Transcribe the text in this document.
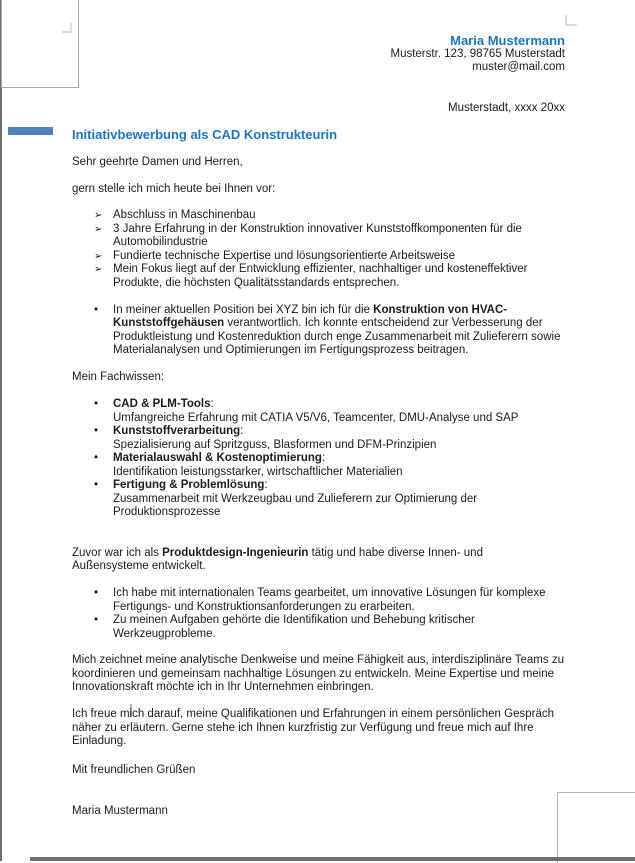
Maria Mustermann
Musterstr. 123, 98765 Musterstadt
muster@mail.com
Musterstadt, xxxx 20xx
Initiativbewerbung als CAD Konstrukteurin
Sehr geehrte Damen und Herren,
gern stelle ich mich heute bei Ihnen vor:
➢ Abschluss in Maschinenbau
➢ 3 Jahre Erfahrung in der Konstruktion innovativer Kunststoffkomponenten für die Automobilindustrie
➢ Fundierte technische Expertise und lösungsorientierte Arbeitsweise
➢ Mein Fokus liegt auf der Entwicklung effizienter, nachhaltiger und kosteneffektiver Produkte, die höchsten Qualitätsstandards entsprechen.
•	In meiner aktuellen Position bei XYZ bin ich für die Konstruktion von HVAC-Kunststoffgehäusen verantwortlich. Ich konnte entscheidend zur Verbesserung der Produktleistung und Kostenreduktion durch enge Zusammenarbeit mit Zulieferern sowie Materialanalysen und Optimierungen im Fertigungsprozess beitragen.
Mein Fachwissen:
•	CAD & PLM-Tools:
Umfangreiche Erfahrung mit CATIA V5/V6, Teamcenter, DMU-Analyse und SAP
•	Kunststoffverarbeitung:
Spezialisierung auf Spritzguss, Blasformen und DFM-Prinzipien
•	Materialauswahl & Kostenoptimierung:
Identifikation leistungsstarker, wirtschaftlicher Materialien
•	Fertigung & Problemlösung:
Zusammenarbeit mit Werkzeugbau und Zulieferern zur Optimierung der Produktionsprozesse
Zuvor war ich als Produktdesign-Ingenieurin tätig und habe diverse Innen- und Außensysteme entwickelt.
•	Ich habe mit internationalen Teams gearbeitet, um innovative Lösungen für komplexe Fertigungs- und Konstruktionsanforderungen zu erarbeiten.
•	Zu meinen Aufgaben gehörte die Identifikation und Behebung kritischer Werkzeugprobleme.
Mich zeichnet meine analytische Denkweise und meine Fähigkeit aus, interdisziplinäre Teams zu koordinieren und gemeinsam nachhaltige Lösungen zu entwickeln. Meine Expertise und meine Innovationskraft möchte ich in Ihr Unternehmen einbringen.
Ich freue mich darauf, meine Qualifikationen und Erfahrungen in einem persönlichen Gespräch näher zu erläutern. Gerne stehe ich Ihnen kurzfristig zur Verfügung und freue mich auf Ihre Einladung.
Mit freundlichen Grüßen
Maria Mustermann
